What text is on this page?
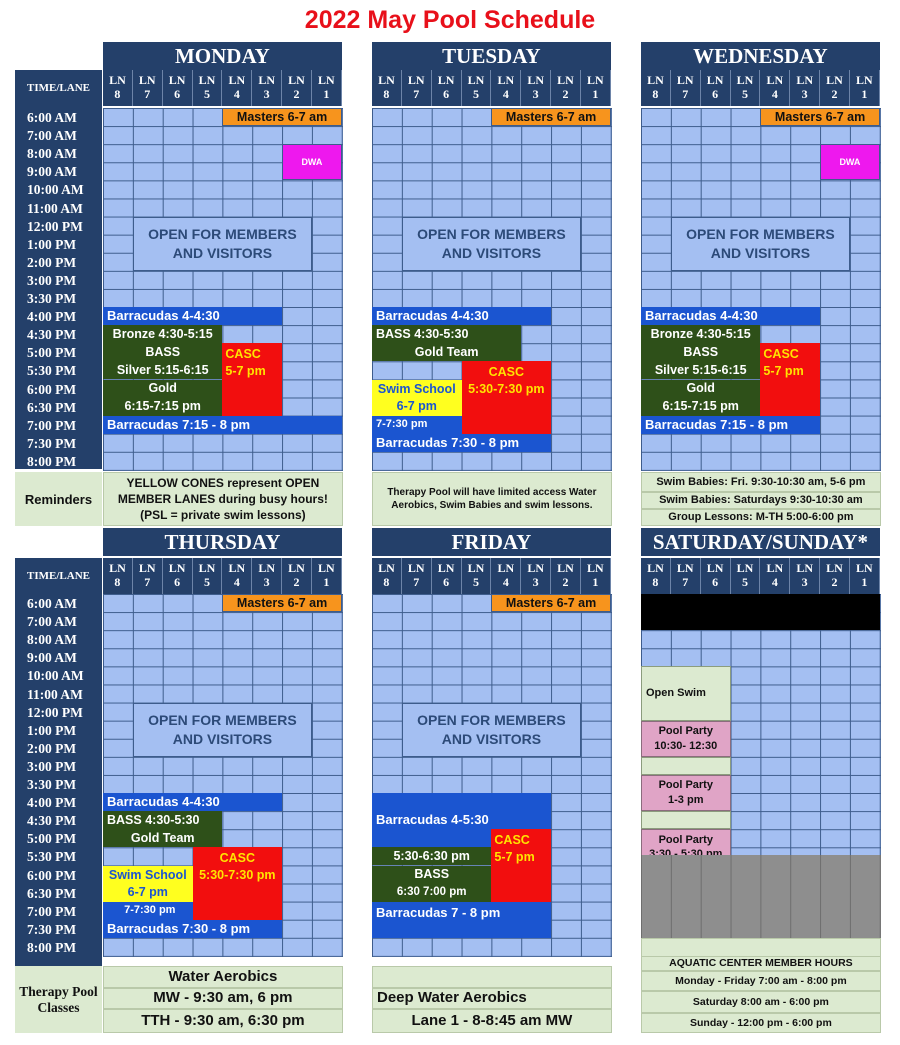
2022 May Pool Schedule
TIME/LANE
6:00 AM
7:00 AM
8:00 AM
9:00 AM
10:00 AM
11:00 AM
12:00 PM
1:00 PM
2:00 PM
3:00 PM
3:30 PM
4:00 PM
4:30 PM
5:00 PM
5:30 PM
6:00 PM
6:30 PM
7:00 PM
7:30 PM
8:00 PM
MONDAY
LN
8
LN
7
LN
6
LN
5
LN
4
LN
3
LN
2
LN
1
TUESDAY
LN
8
LN
7
LN
6
LN
5
LN
4
LN
3
LN
2
LN
1
WEDNESDAY
LN
8
LN
7
LN
6
LN
5
LN
4
LN
3
LN
2
LN
1
TIME/LANE
6:00 AM
7:00 AM
8:00 AM
9:00 AM
10:00 AM
11:00 AM
12:00 PM
1:00 PM
2:00 PM
3:00 PM
3:30 PM
4:00 PM
4:30 PM
5:00 PM
5:30 PM
6:00 PM
6:30 PM
7:00 PM
7:30 PM
8:00 PM
THURSDAY
LN
8
LN
7
LN
6
LN
5
LN
4
LN
3
LN
2
LN
1
FRIDAY
LN
8
LN
7
LN
6
LN
5
LN
4
LN
3
LN
2
LN
1
SATURDAY/SUNDAY*
LN
8
LN
7
LN
6
LN
5
LN
4
LN
3
LN
2
LN
1
Masters 6-7 am
DWA
OPEN FOR MEMBERS
AND VISITORS
Barracudas 4-4:30
Bronze 4:30-5:15
BASS
Silver 5:15-6:15
Gold
6:15-7:15 pm
CASC
5-7 pm
Barracudas 7:15 - 8 pm
Masters 6-7 am
OPEN FOR MEMBERS
AND VISITORS
Barracudas 4-4:30
BASS 4:30-5:30
Gold Team
Swim School
6-7 pm
CASC
5:30-7:30 pm
7-7:30 pm
Barracudas 7:30 - 8 pm
Masters 6-7 am
DWA
OPEN FOR MEMBERS
AND VISITORS
Barracudas 4-4:30
Bronze 4:30-5:15
BASS
Silver 5:15-6:15
Gold
6:15-7:15 pm
CASC
5-7 pm
Barracudas 7:15 - 8 pm
Masters 6-7 am
OPEN FOR MEMBERS
AND VISITORS
Barracudas 4-4:30
BASS 4:30-5:30
Gold Team
Swim School
6-7 pm
CASC
5:30-7:30 pm
7-7:30 pm
Barracudas 7:30 - 8 pm
Masters 6-7 am
OPEN FOR MEMBERS
AND VISITORS
Barracudas 4-5:30
CASC
5-7 pm
5:30-6:30 pm
BASS
6:30 7:00 pm
Barracudas 7 - 8 pm
Open Swim
Pool Party
10:30- 12:30
Pool Party
1-3 pm
Pool Party

Reminders
YELLOW CONES represent OPEN
MEMBER LANES during busy hours!
(PSL = private swim lessons)
Therapy Pool will have limited access Water
Aerobics, Swim Babies and swim lessons.
Swim Babies: Fri. 9:30-10:30 am, 5-6 pm
Swim Babies: Saturdays 9:30-10:30 am
Group Lessons: M-TH 5:00-6:00 pm
Therapy Pool Classes
Water Aerobics
MW - 9:30 am, 6 pm
TTH - 9:30 am, 6:30 pm
Deep Water Aerobics
Lane 1 - 8-8:45 am MW
AQUATIC CENTER MEMBER HOURS
Monday - Friday 7:00 am - 8:00 pm
Saturday 8:00 am - 6:00 pm
Sunday - 12:00 pm - 6:00 pm
